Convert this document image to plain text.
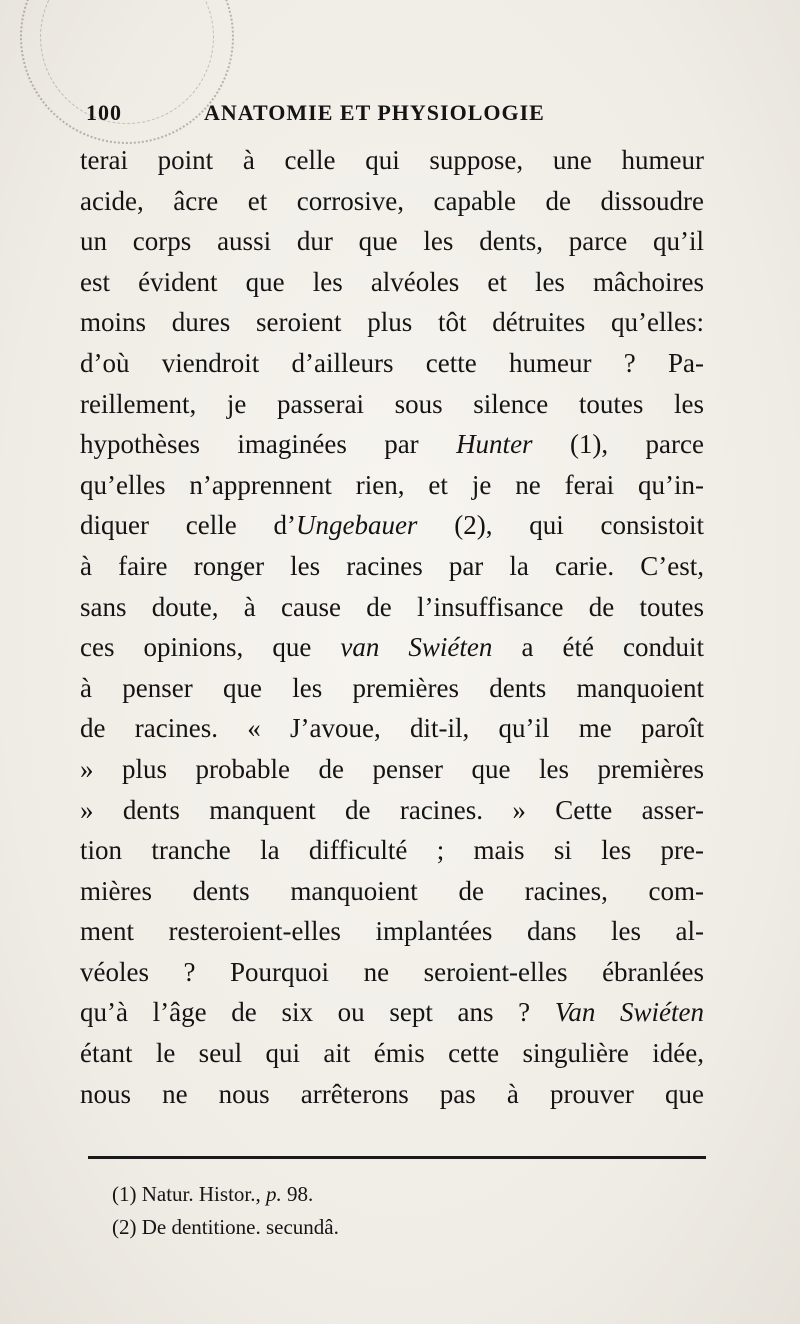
100	ANATOMIE ET PHYSIOLOGIE
terai point à celle qui suppose, une humeur
acide, âcre et corrosive, capable de dissoudre
un corps aussi dur que les dents, parce qu’il
est évident que les alvéoles et les mâchoires
moins dures seroient plus tôt détruites qu’elles:
d’où viendroit d’ailleurs cette humeur ? Pa-
reillement, je passerai sous silence toutes les
hypothèses imaginées par Hunter (1), parce
qu’elles n’apprennent rien, et je ne ferai qu’in-
diquer celle d’Ungebauer (2), qui consistoit
à faire ronger les racines par la carie. C’est,
sans doute, à cause de l’insuffisance de toutes
ces opinions, que van Swiéten a été conduit
à penser que les premières dents manquoient
de racines. « J’avoue, dit-il, qu’il me paroît
» plus probable de penser que les premières
» dents manquent de racines. » Cette asser-
tion tranche la difficulté ; mais si les pre-
mières dents manquoient de racines, com-
ment resteroient-elles implantées dans les al-
véoles ? Pourquoi ne seroient-elles ébranlées
qu’à l’âge de six ou sept ans ? Van Swiéten
étant le seul qui ait émis cette singulière idée,
nous ne nous arrêterons pas à prouver que
(1) Natur. Histor., p. 98.
(2) De dentitione. secundâ.
